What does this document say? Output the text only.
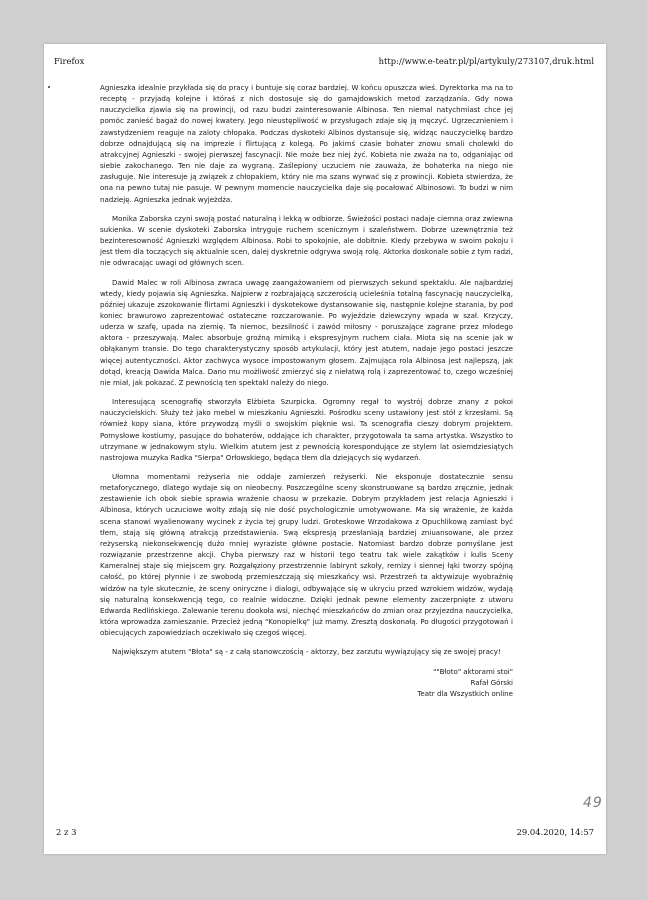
Firefox	http://www.e-teatr.pl/pl/artykuly/273107,druk.html

Agnieszka idealnie przykłada się do pracy i buntuje się coraz bardziej. W końcu opuszcza wieś. Dyrektorka ma na to receptę - przyjadą kolejne i któraś z nich dostosuje się do gamajdowskich metod zarządzania. Gdy nowa nauczycielka zjawia się na prowincji, od razu budzi zainteresowanie Albinosa. Ten niemal natychmiast chce jej pomóc zanieść bagaż do nowej kwatery. Jego nieustępliwość w przysługach zdaje się ją męczyć. Ugrzecznieniem i zawstydzeniem reaguje na zaloty chłopaka. Podczas dyskoteki Albinos dystansuje się, widząc nauczycielkę bardzo dobrze odnajdującą się na imprezie i flirtującą z kolegą. Po jakimś czasie bohater znowu smali cholewki do atrakcyjnej Agnieszki - swojej pierwszej fascynacji. Nie może bez niej żyć. Kobieta nie zważa na to, odganiając od siebie zakochanego. Ten nie daje za wygraną. Zaślepiony uczuciem nie zauważa, że bohaterka na niego nie zasługuje. Nie interesuje ją związek z chłopakiem, który nie ma szans wyrwać się z prowincji. Kobieta stwierdza, że ona na pewno tutaj nie pasuje. W pewnym momencie nauczycielka daje się pocałować Albinosowi. To budzi w nim nadzieję. Agnieszka jednak wyjeżdża.

Monika Zaborska czyni swoją postać naturalną i lekką w odbiorze. Świeżości postaci nadaje ciemna oraz zwiewna sukienka. W scenie dyskoteki Zaborska intryguje ruchem scenicznym i szaleństwem. Dobrze uzewnętrznia też bezinteresowność Agnieszki względem Albinosa. Robi to spokojnie, ale dobitnie. Kiedy przebywa w swoim pokoju i jest tłem dla toczących się aktualnie scen, dalej dyskretnie odgrywa swoją rolę. Aktorka doskonale sobie z tym radzi, nie odwracając uwagi od głównych scen.

Dawid Malec w roli Albinosa zwraca uwagę zaangażowaniem od pierwszych sekund spektaklu. Ale najbardziej wtedy, kiedy pojawia się Agnieszka. Najpierw z rozbrajającą szczerością ucieleśnia totalną fascynację nauczycielką, później ukazuje zszokowanie flirtami Agnieszki i dyskotekowe dystansowanie się, następnie kolejne starania, by pod koniec brawurowo zaprezentować ostateczne rozczarowanie. Po wyjeździe dziewczyny wpada w szał. Krzyczy, uderza w szafę, upada na ziemię. Ta niemoc, bezsilność i zawód miłosny - poruszające zagrane przez młodego aktora - przeszywają. Malec absorbuje groźną mimiką i ekspresyjnym ruchem ciała. Miota się na scenie jak w obłąkanym transie. Do tego charakterystyczny sposób artykulacji, który jest atutem, nadaje jego postaci jeszcze więcej autentyczności. Aktor zachwyca wysoce impostowanym głosem. Zajmująca rola Albinosa jest najlepszą, jak dotąd, kreacją Dawida Malca. Dano mu możliwość zmierzyć się z niełatwą rolą i zaprezentować to, czego wcześniej nie miał, jak pokazać. Z pewnością ten spektakl należy do niego.

Interesującą scenografię stworzyła Elżbieta Szurpicka. Ogromny regał to wystrój dobrze znany z pokoi nauczycielskich. Służy też jako mebel w mieszkaniu Agnieszki. Pośrodku sceny ustawiony jest stół z krzesłami. Są również kopy siana, które przywodzą myśli o swojskim pięknie wsi. Ta scenografia cieszy dobrym projektem. Pomysłowe kostiumy, pasujące do bohaterów, oddające ich charakter, przygotowała ta sama artystka. Wszystko to utrzymane w jednakowym stylu. Wielkim atutem jest z pewnością korespondujące ze stylem lat osiemdziesiątych nastrojowa muzyka Radka "Sierpa" Orłowskiego, będąca tłem dla dziejących się wydarzeń.

Ułomna momentami reżyseria nie oddaje zamierzeń reżyserki. Nie eksponuje dostatecznie sensu metaforycznego, dlatego wydaje się on nieobecny. Poszczególne sceny skonstruowane są bardzo zręcznie, jednak zestawienie ich obok siebie sprawia wrażenie chaosu w przekazie. Dobrym przykładem jest relacja Agnieszki i Albinosa, których uczuciowe wolty zdają się nie dość psychologicznie umotywowane. Ma się wrażenie, że każda scena stanowi wyalienowany wycinek z życia tej grupy ludzi. Groteskowe Wrzodakowa z Opuchlikową zamiast być tłem, stają się główną atrakcją przedstawienia. Swą ekspresją przesłaniają bardziej zniuansowane, ale przez reżyserską niekonsekwencję dużo mniej wyraziste główne postacie. Natomiast bardzo dobrze pomyślane jest rozwiązanie przestrzenne akcji. Chyba pierwszy raz w historii tego teatru tak wiele zakątków i kulis Sceny Kameralnej staje się miejscem gry. Rozgałęziony przestrzennie labirynt szkoły, remizy i siennej łąki tworzy spójną całość, po której płynnie i ze swobodą przemieszczają się mieszkańcy wsi. Przestrzeń ta aktywizuje wyobraźnię widzów na tyle skutecznie, że sceny oniryczne i dialogi, odbywające się w ukryciu przed wzrokiem widzów, wydają się naturalną konsekwencją tego, co realnie widoczne. Dzięki jednak pewne elementy zaczerpnięte z utworu Edwarda Redlińskiego. Zalewanie terenu dookoła wsi, niechęć mieszkańców do zmian oraz przyjezdna nauczycielka, która wprowadza zamieszanie. Przecież jedną "Konopielkę" już mamy. Zresztą doskonałą. Po długości przygotowań i obiecujących zapowiedziach oczekiwało się czegoś więcej.

Największym atutem "Błota" są - z całą stanowczością - aktorzy, bez zarzutu wywiązujący się ze swojej pracy!

""Błoto" aktorami stoi"
Rafał Górski
Teatr dla Wszystkich online
49
2 z 3	29.04.2020, 14:57
